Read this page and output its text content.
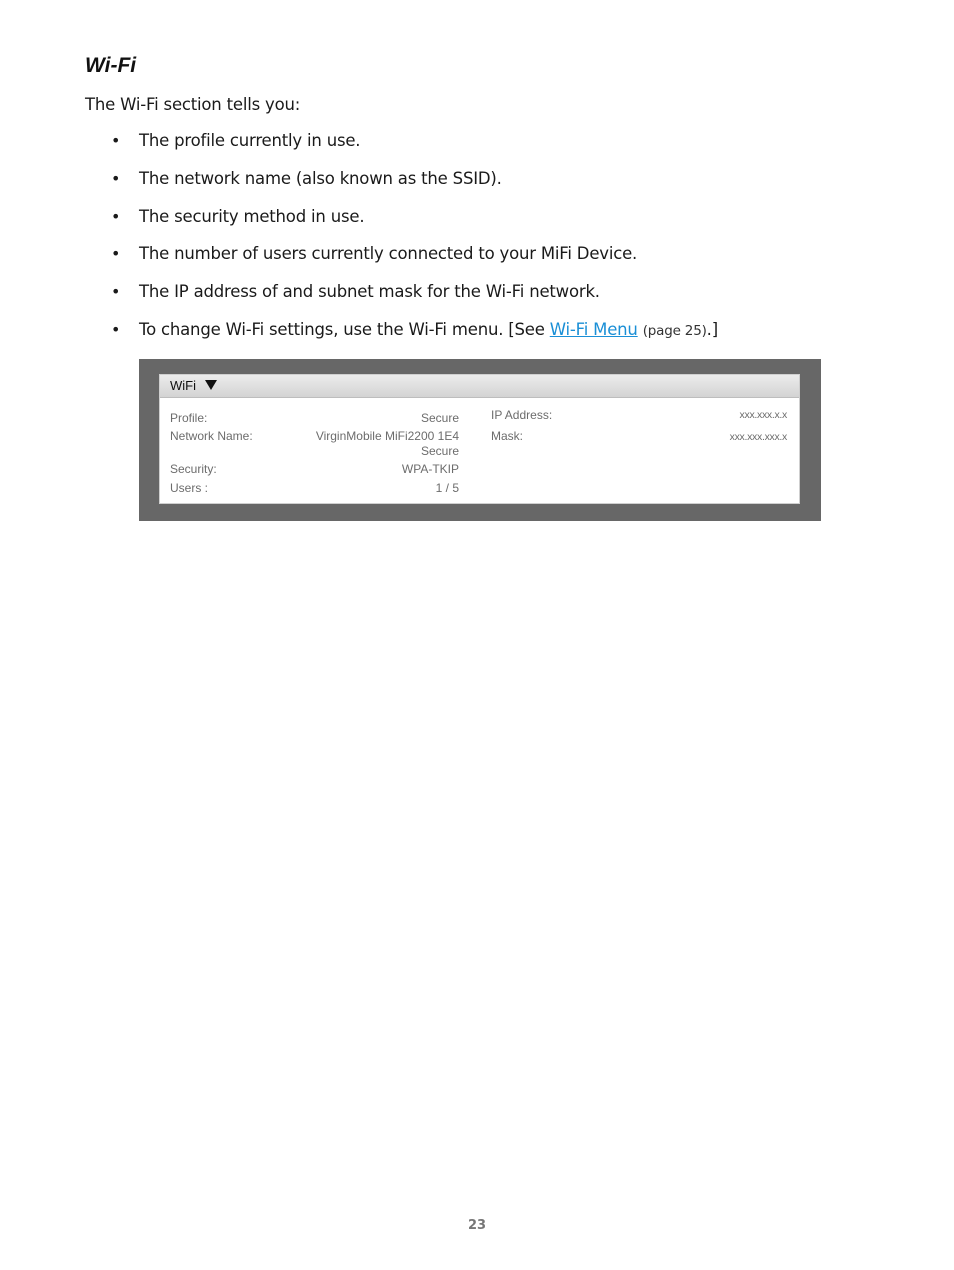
Wi-Fi

The Wi-Fi section tells you:

• The profile currently in use.
• The network name (also known as the SSID).
• The security method in use.
• The number of users currently connected to your MiFi Device.
• The IP address of and subnet mask for the Wi-Fi network.
• To change Wi-Fi settings, use the Wi-Fi menu. [See Wi-Fi Menu (page 25).]
WiFi
Profile:	Secure
Network Name:	VirginMobile MiFi2200 1E4
Secure
Security:	WPA-TKIP
Users :	1 / 5
IP Address:	xxx.xxx.x.x
Mask:	xxx.xxx.xxx.x
23
